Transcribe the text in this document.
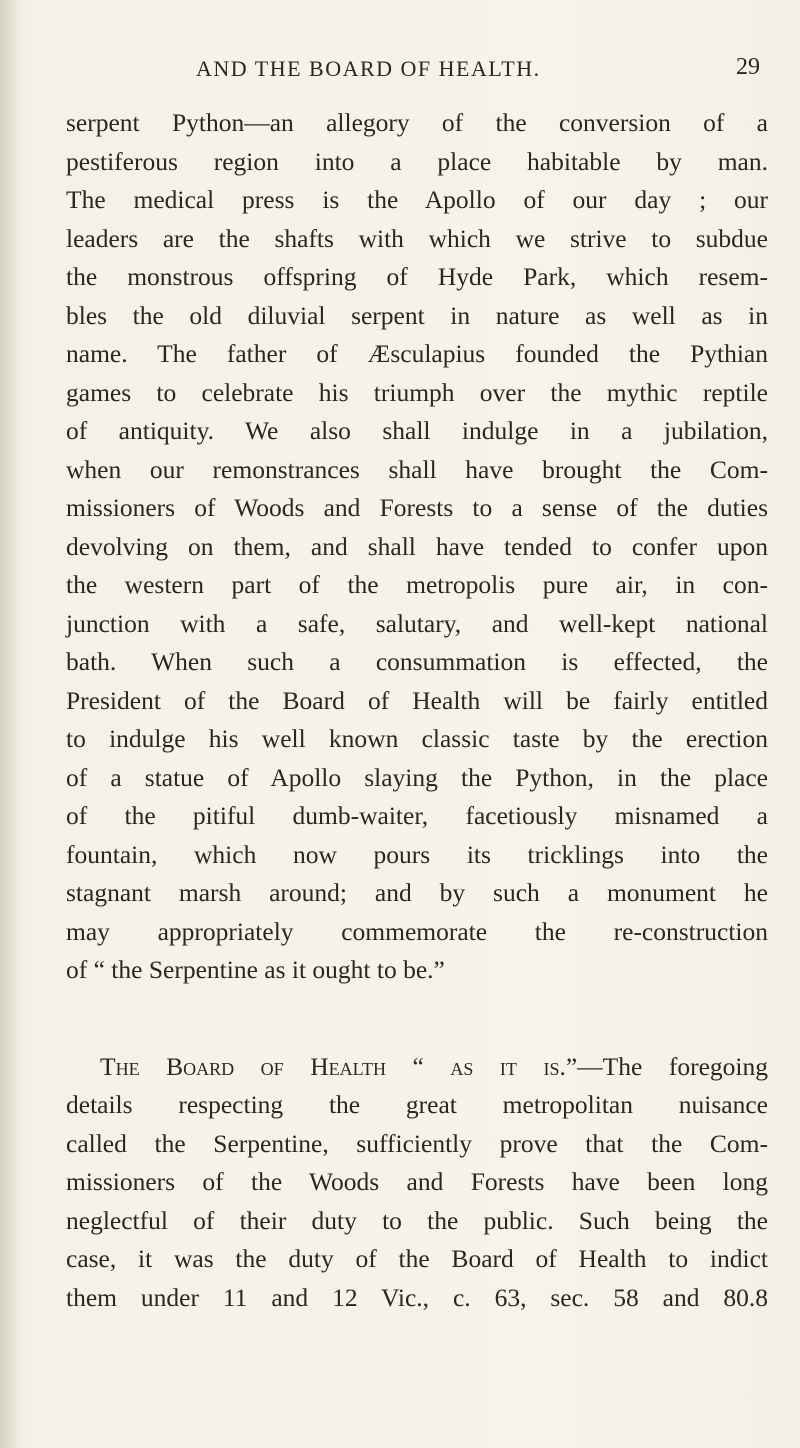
AND THE BOARD OF HEALTH.	29
serpent Python—an allegory of the conversion of a
pestiferous region into a place habitable by man.
The medical press is the Apollo of our day ; our
leaders are the shafts with which we strive to subdue
the monstrous offspring of Hyde Park, which resem-
bles the old diluvial serpent in nature as well as in
name. The father of Æsculapius founded the Pythian
games to celebrate his triumph over the mythic reptile
of antiquity. We also shall indulge in a jubilation,
when our remonstrances shall have brought the Com-
missioners of Woods and Forests to a sense of the duties
devolving on them, and shall have tended to confer upon
the western part of the metropolis pure air, in con-
junction with a safe, salutary, and well-kept national
bath. When such a consummation is effected, the
President of the Board of Health will be fairly entitled
to indulge his well known classic taste by the erection
of a statue of Apollo slaying the Python, in the place
of the pitiful dumb-waiter, facetiously misnamed a
fountain, which now pours its tricklings into the
stagnant marsh around; and by such a monument he
may appropriately commemorate the re-construction
of “ the Serpentine as it ought to be.”
The Board of Health “ as it is.”—The foregoing
details respecting the great metropolitan nuisance
called the Serpentine, sufficiently prove that the Com-
missioners of the Woods and Forests have been long
neglectful of their duty to the public. Such being the
case, it was the duty of the Board of Health to indict
them under 11 and 12 Vic., c. 63, sec. 58 and 80.8
